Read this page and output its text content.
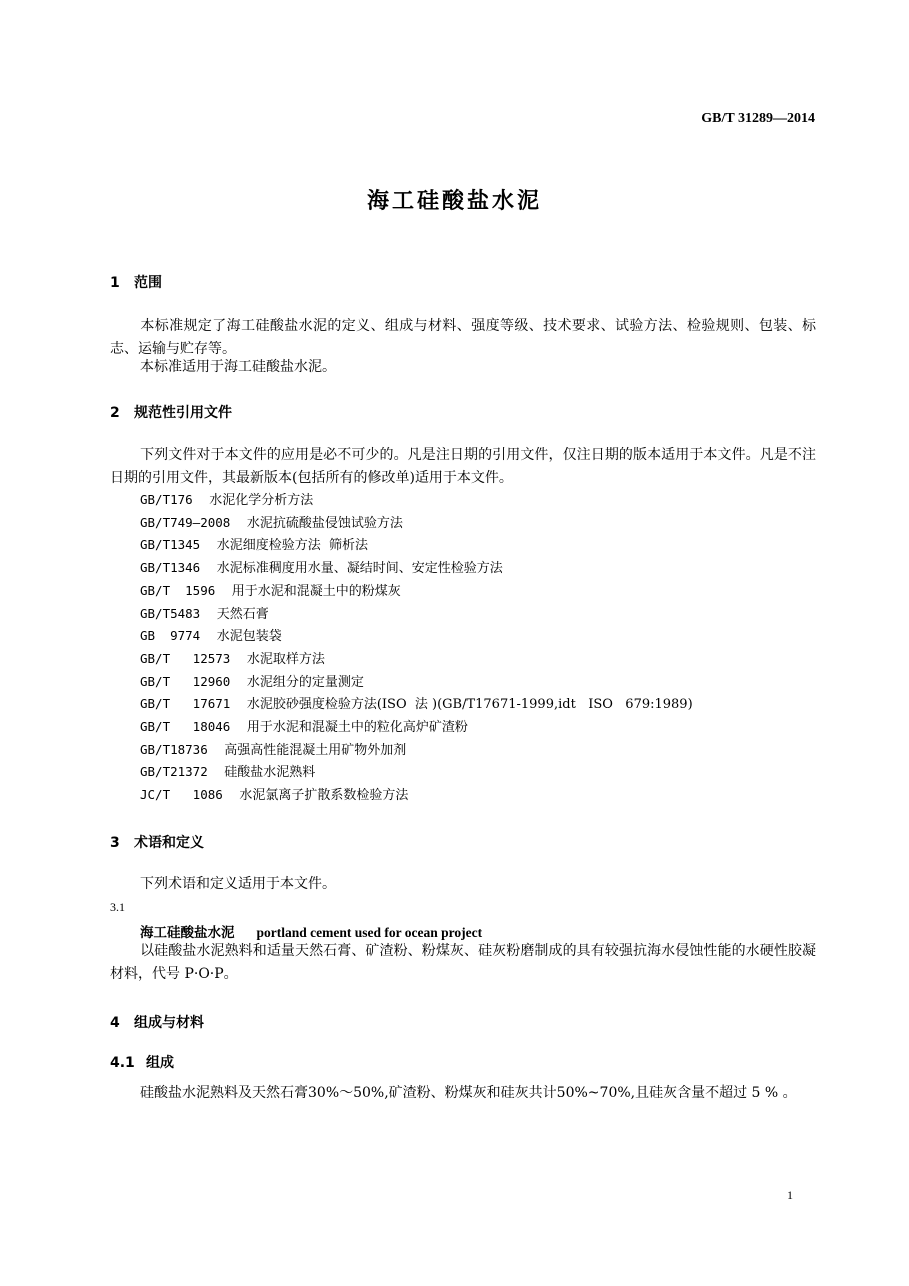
GB/T 31289—2014
海工硅酸盐水泥
1 范围
本标准规定了海工硅酸盐水泥的定义、组成与材料、强度等级、技术要求、试验方法、检验规则、包装、标志、运输与贮存等。
本标准适用于海工硅酸盐水泥。
2 规范性引用文件
下列文件对于本文件的应用是必不可少的。凡是注日期的引用文件，仅注日期的版本适用于本文件。凡是不注日期的引用文件，其最新版本(包括所有的修改单)适用于本文件。
GB/T176 水泥化学分析方法
GB/T749—2008 水泥抗硫酸盐侵蚀试验方法
GB/T1345 水泥细度检验方法  筛析法
GB/T1346 水泥标准稠度用水量、凝结时间、安定性检验方法
GB/T  1596 用于水泥和混凝土中的粉煤灰
GB/T5483 天然石膏
GB  9774 水泥包装袋
GB/T   12573 水泥取样方法
GB/T   12960 水泥组分的定量测定
GB/T   17671 水泥胶砂强度检验方法(ISO  法 )(GB/T17671-1999,idt   ISO   679:1989)
GB/T   18046 用于水泥和混凝土中的粒化高炉矿渣粉
GB/T18736 高强高性能混凝土用矿物外加剂
GB/T21372 硅酸盐水泥熟料
JC/T   1086 水泥氯离子扩散系数检验方法
3 术语和定义
下列术语和定义适用于本文件。
3.1
海工硅酸盐水泥 portland cement used for ocean project
以硅酸盐水泥熟料和适量天然石膏、矿渣粉、粉煤灰、硅灰粉磨制成的具有较强抗海水侵蚀性能的水硬性胶凝材料，代号 P·O·P。
4 组成与材料
4.1 组成
硅酸盐水泥熟料及天然石膏30%～50%,矿渣粉、粉煤灰和硅灰共计50%~70%,且硅灰含量不超过 5 % 。
1
